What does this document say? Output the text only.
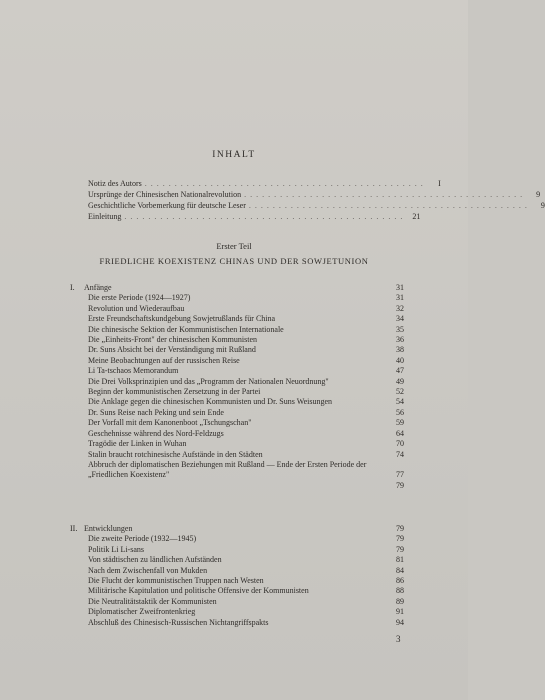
INHALT
Notiz des Autors . . . . . . . . . . . . . . . . . . . . . . . . . . . . . . . . . . . . . . . . . . . . . . .	I
Ursprünge der Chinesischen Nationalrevolution . . . . . . . . . . . . . . . . . . . . . . . . . . . . . . . . . . . . . . . . . . . . . . .	9
Geschichtliche Vorbemerkung für deutsche Leser . . . . . . . . . . . . . . . . . . . . . . . . . . . . . . . . . . . . . . . . . . . . . . .	9
Einleitung . . . . . . . . . . . . . . . . . . . . . . . . . . . . . . . . . . . . . . . . . . . . . . .	21
Erster Teil
FRIEDLICHE KOEXISTENZ CHINAS UND DER SOWJETUNION
I. Anfänge	31
Die erste Periode (1924—1927)	31
Revolution und Wiederaufbau	32
Erste Freundschaftskundgebung Sowjetrußlands für China	34
Die chinesische Sektion der Kommunistischen Internationale	35
Die „Einheits-Front" der chinesischen Kommunisten	36
Dr. Suns Absicht bei der Verständigung mit Rußland	38
Meine Beobachtungen auf der russischen Reise	40
Li Ta-tschaos Memorandum	47
Die Drei Volksprinzipien und das „Programm der Nationalen Neuordnung"	49
Beginn der kommunistischen Zersetzung in der Partei	52
Die Anklage gegen die chinesischen Kommunisten und Dr. Suns Weisungen	54
Dr. Suns Reise nach Peking und sein Ende	56
Der Vorfall mit dem Kanonenboot „Tschungschan"	59
Geschehnisse während des Nord-Feldzugs	64
Tragödie der Linken in Wuhan	70
Stalin braucht rotchinesische Aufstände in den Städten	74
Abbruch der diplomatischen Beziehungen mit Rußland — Ende der Ersten Periode der „Friedlichen Koexistenz"	77
79
II. Entwicklungen	79
Die zweite Periode (1932—1945)	79
Politik Li Li-sans	79
Von städtischen zu ländlichen Aufständen	81
Nach dem Zwischenfall von Mukden	84
Die Flucht der kommunistischen Truppen nach Westen	86
Militärische Kapitulation und politische Offensive der Kommunisten	88
Die Neutralitätstaktik der Kommunisten	89
Diplomatischer Zweifrontenkrieg	91
Abschluß des Chinesisch-Russischen Nichtangriffspakts	94
3
